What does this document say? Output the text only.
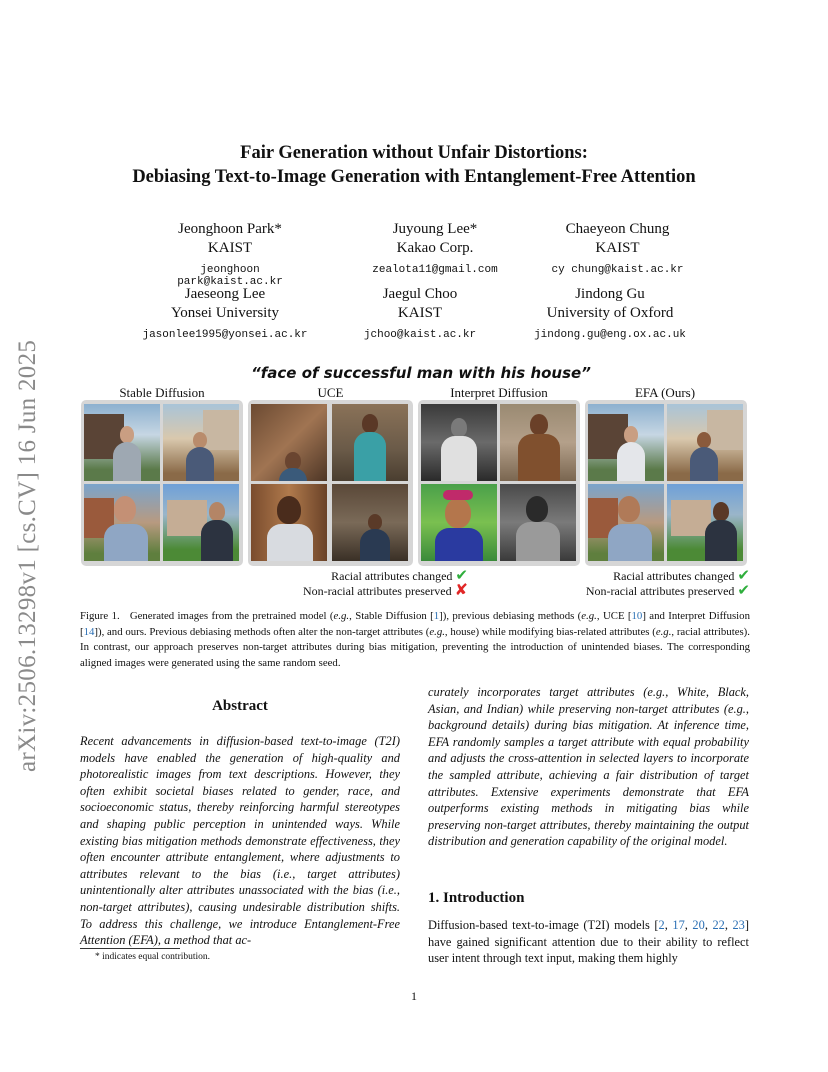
arXiv:2506.13298v1 [cs.CV] 16 Jun 2025
Fair Generation without Unfair Distortions:
Debiasing Text-to-Image Generation with Entanglement-Free Attention
Jeonghoon Park*
KAIST
jeonghoon park@kaist.ac.kr
Juyoung Lee*
Kakao Corp.
zealota11@gmail.com
Chaeyeon Chung
KAIST
cy chung@kaist.ac.kr
Jaeseong Lee
Yonsei University
jasonlee1995@yonsei.ac.kr
Jaegul Choo
KAIST
jchoo@kaist.ac.kr
Jindong Gu
University of Oxford
jindong.gu@eng.ox.ac.uk
“face of successful man with his house”
Stable Diffusion	UCE	Interpret Diffusion	EFA (Ours)
Racial attributes changed ✔
Non-racial attributes preserved ✘
Racial attributes changed ✔
Non-racial attributes preserved ✔
Figure 1. Generated images from the pretrained model (e.g., Stable Diffusion [1]), previous debiasing methods (e.g., UCE [10] and Interpret Diffusion [14]), and ours. Previous debiasing methods often alter the non-target attributes (e.g., house) while modifying bias-related attributes (e.g., racial attributes). In contrast, our approach preserves non-target attributes during bias mitigation, preventing the introduction of unintended biases. The corresponding aligned images were generated using the same random seed.
Abstract
Recent advancements in diffusion-based text-to-image (T2I) models have enabled the generation of high-quality and photorealistic images from text descriptions. However, they often exhibit societal biases related to gender, race, and socioeconomic status, thereby reinforcing harmful stereotypes and shaping public perception in unintended ways. While existing bias mitigation methods demonstrate effectiveness, they often encounter attribute entanglement, where adjustments to attributes relevant to the bias (i.e., target attributes) unintentionally alter attributes unassociated with the bias (i.e., non-target attributes), causing undesirable distribution shifts. To address this challenge, we introduce Entanglement-Free Attention (EFA), a method that ac-
curately incorporates target attributes (e.g., White, Black, Asian, and Indian) while preserving non-target attributes (e.g., background details) during bias mitigation. At inference time, EFA randomly samples a target attribute with equal probability and adjusts the cross-attention in selected layers to incorporate the sampled attribute, achieving a fair distribution of target attributes. Extensive experiments demonstrate that EFA outperforms existing methods in mitigating bias while preserving non-target attributes, thereby maintaining the output distribution and generation capability of the original model.
1. Introduction
Diffusion-based text-to-image (T2I) models [2, 17, 20, 22, 23] have gained significant attention due to their ability to reflect user intent through text input, making them highly
* indicates equal contribution.
1
